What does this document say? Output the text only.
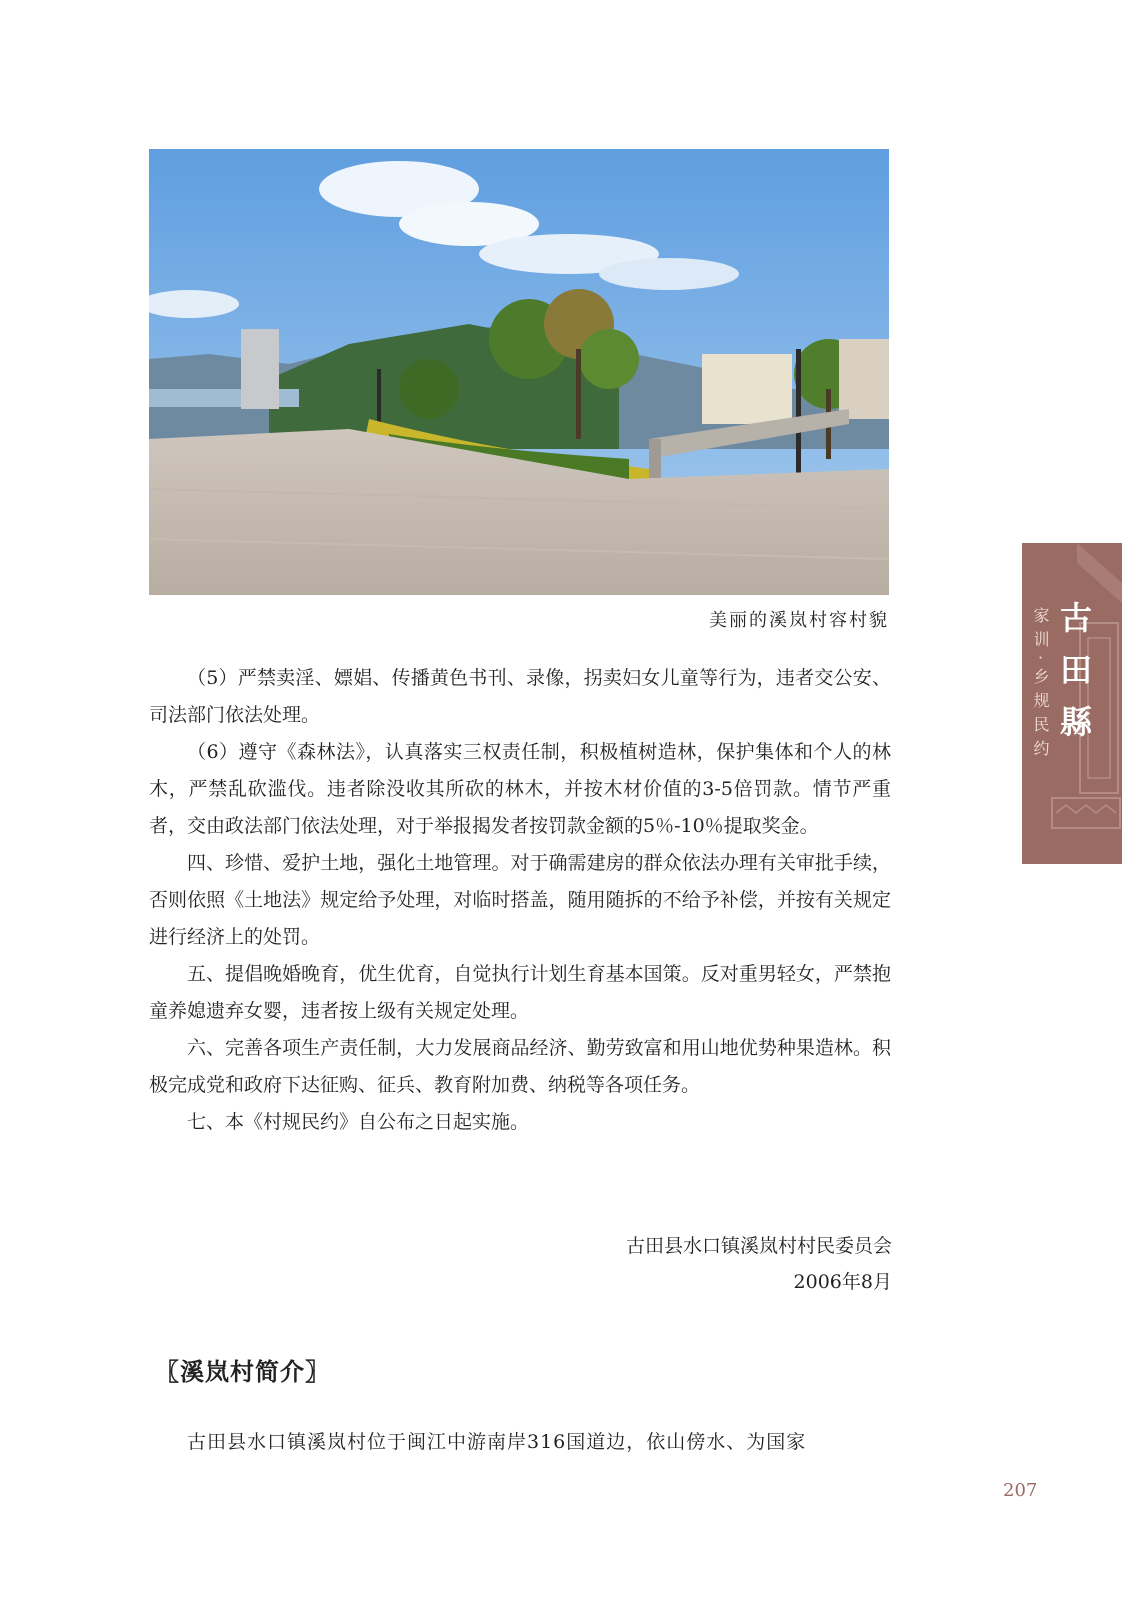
美丽的溪岚村容村貌

（5）严禁卖淫、嫖娼、传播黄色书刊、录像，拐卖妇女儿童等行为，违者交公安、司法部门依法处理。

（6）遵守《森林法》，认真落实三权责任制，积极植树造林，保护集体和个人的林木，严禁乱砍滥伐。违者除没收其所砍的林木，并按木材价值的3-5倍罚款。情节严重者，交由政法部门依法处理，对于举报揭发者按罚款金额的5％-10％提取奖金。

四、珍惜、爱护土地，强化土地管理。对于确需建房的群众依法办理有关审批手续，否则依照《土地法》规定给予处理，对临时搭盖，随用随拆的不给予补偿，并按有关规定进行经济上的处罚。

五、提倡晚婚晚育，优生优育，自觉执行计划生育基本国策。反对重男轻女，严禁抱童养媳遗弃女婴，违者按上级有关规定处理。

六、完善各项生产责任制，大力发展商品经济、勤劳致富和用山地优势种果造林。积极完成党和政府下达征购、征兵、教育附加费、纳税等各项任务。

七、本《村规民约》自公布之日起实施。

古田县水口镇溪岚村村民委员会
2006年8月
〖溪岚村简介〗
古田县水口镇溪岚村位于闽江中游南岸316国道边，依山傍水、为国家
家训·乡规民约 古田縣
207
